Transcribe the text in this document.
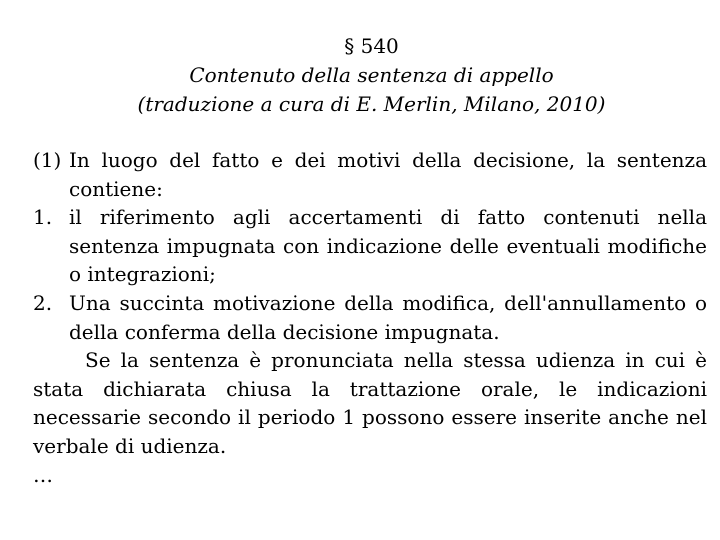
§ 540
Contenuto della sentenza di appello
(traduzione a cura di E. Merlin, Milano, 2010)
(1) In luogo del fatto e dei motivi della decisione, la sentenza contiene:
1. il riferimento agli accertamenti di fatto contenuti nella sentenza impugnata con indicazione delle eventuali modifiche o integrazioni;
2. Una succinta motivazione della modifica, dell'annullamento o della conferma della decisione impugnata.
Se la sentenza è pronunciata nella stessa udienza in cui è stata dichiarata chiusa la trattazione orale, le indicazioni necessarie secondo il periodo 1 possono essere inserite anche nel verbale di udienza.
…
